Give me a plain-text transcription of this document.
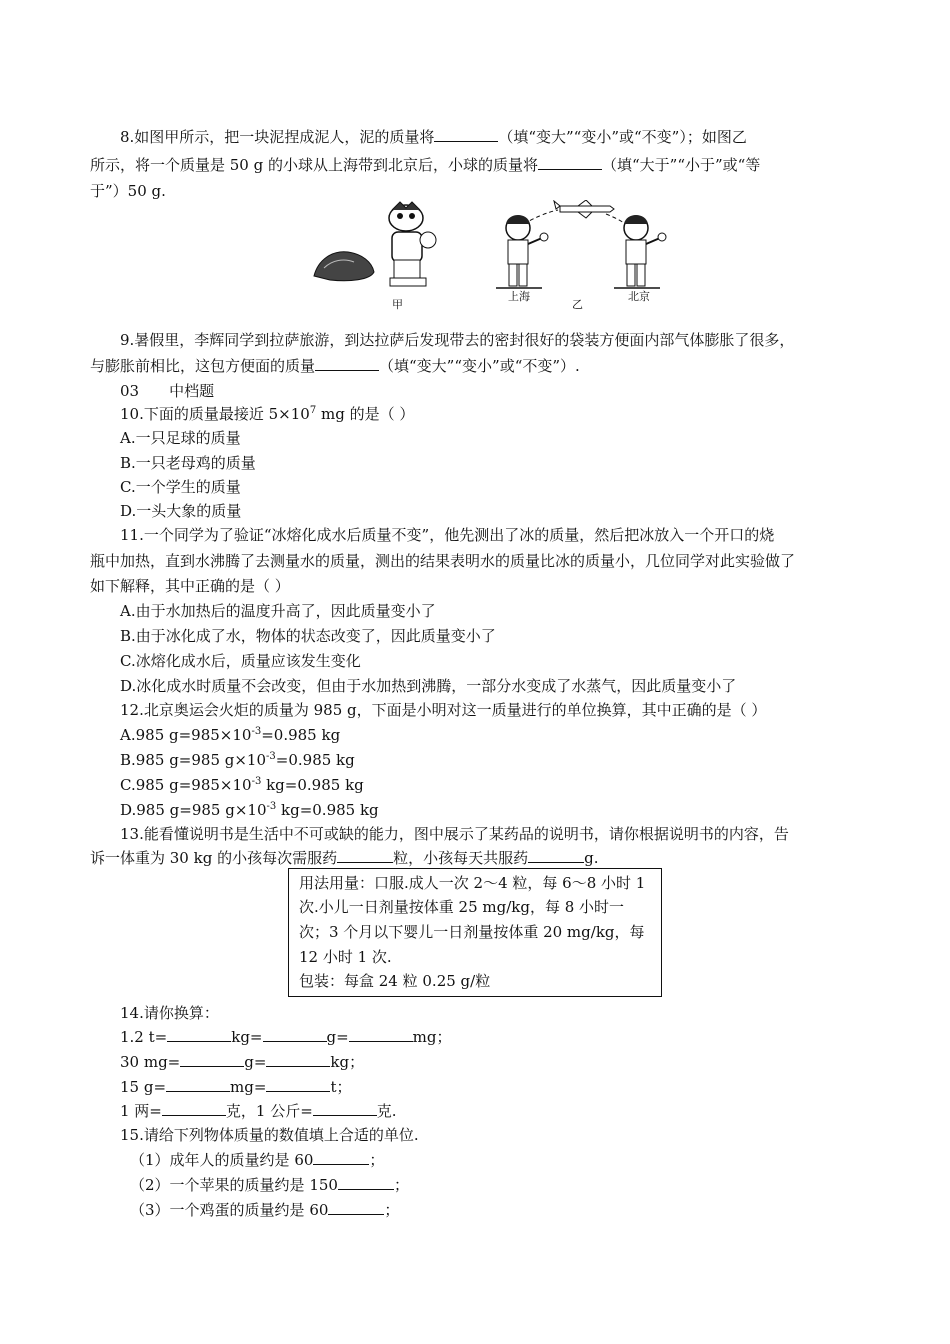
8.如图甲所示，把一块泥捏成泥人，泥的质量将	（填“变大”“变小”或“不变”）；如图乙
所示，将一个质量是 50 g 的小球从上海带到北京后，小球的质量将	（填“大于”“小于”或“等
于”）50 g.
甲
上海
乙
北京
9.暑假里，李辉同学到拉萨旅游，到达拉萨后发现带去的密封很好的袋装方便面内部气体膨胀了很多，
与膨胀前相比，这包方便面的质量	（填“变大”“变小”或“不变”）.
03 中档题
10.下面的质量最接近 $5\times 10^7$ mg 的是（ ）
A.一只足球的质量
B.一只老母鸡的质量
C.一个学生的质量
D.一头大象的质量
11.一个同学为了验证“冰熔化成水后质量不变”，他先测出了冰的质量，然后把冰放入一个开口的烧
瓶中加热，直到水沸腾了去测量水的质量，测出的结果表明水的质量比冰的质量小，几位同学对此实验做了
如下解释，其中正确的是（ ）
A.由于水加热后的温度升高了，因此质量变小了
B.由于冰化成了水，物体的状态改变了，因此质量变小了
C.冰熔化成水后，质量应该发生变化
D.冰化成水时质量不会改变，但由于水加热到沸腾，一部分水变成了水蒸气，因此质量变小了
12.北京奥运会火炬的质量为 985 g，下面是小明对这一质量进行的单位换算，其中正确的是（ ）
A.985 $g=985\times 10^{-3}=0.985$ kg
B.985 g=985 $g\times 10^{-3}=0.985$ kg
C.985 $g=985\times 10^{-3}$ kg=0.985 kg
D.985 g=985 $g\times 10^{-3}$ kg=0.985 kg
13.能看懂说明书是生活中不可或缺的能力，图中展示了某药品的说明书，请你根据说明书的内容，告
诉一体重为 30 kg 的小孩每次需服药	粒，小孩每天共服药	g.
用法用量：口服.成人一次 2～4 粒，每 6～8 小时 1
次.小儿一日剂量按体重 25 mg/kg，每 8 小时一
次；3 个月以下婴儿一日剂量按体重 20 mg/kg，每
12 小时 1 次.
包装：每盒 24 粒 0.25 g/粒
14.请你换算：
1.2 t=	kg=	g=	mg；
30 mg=	g=	kg；
15 g=	mg=	t；
1 两=	克，1 公斤=	克.
15.请给下列物体质量的数值填上合适的单位.
（1）成年人的质量约是 60	；
（2）一个苹果的质量约是 150	；
（3）一个鸡蛋的质量约是 60	；
